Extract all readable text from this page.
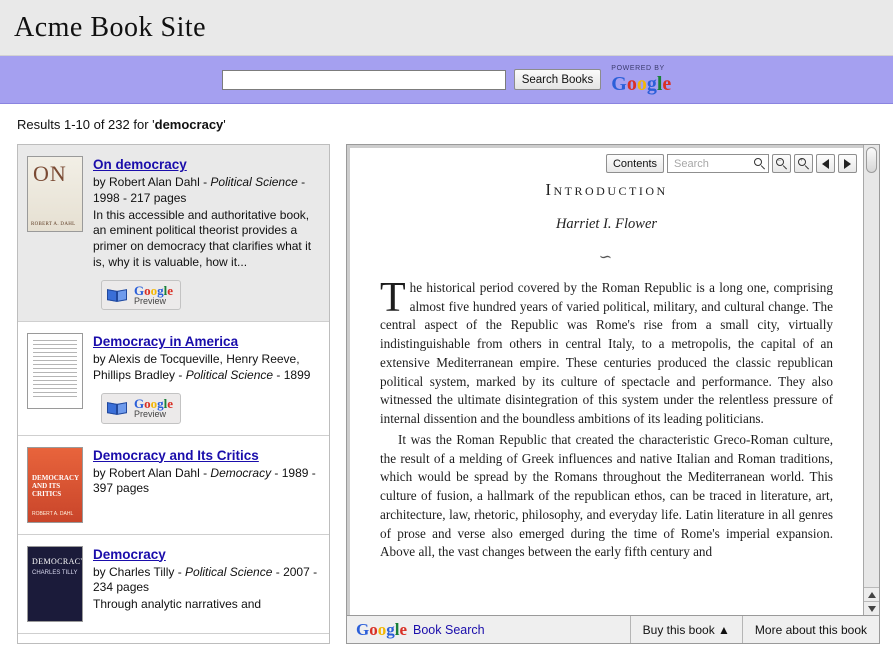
Acme Book Site
Search Books
POWERED BY
Google
Results 1-10 of 232 for 'democracy'
ON ROBERT A. DAHL
On democracy
by Robert Alan Dahl - Political Science - 1998 - 217 pages
In this accessible and authoritative book, an eminent political theorist provides a primer on democracy that clarifies what it is, why it is valuable, how it...
Google
Preview
Democracy in America
by Alexis de Tocqueville, Henry Reeve, Phillips Bradley - Political Science - 1899
Google
Preview
DEMOCRACY AND ITS CRITICS ROBERT A. DAHL
Democracy and Its Critics
by Robert Alan Dahl - Democracy - 1989 - 397 pages
DEMOCRACY CHARLES TILLY
Democracy
by Charles Tilly - Political Science - 2007 - 234 pages
Through analytic narratives and
Contents
Search	−	+
Introduction
Harriet I. Flower
∽

The historical period covered by the Roman Republic is a long one, comprising almost five hundred years of varied political, military, and cultural change. The central aspect of the Republic was Rome's rise from a small city, virtually indistinguishable from others in central Italy, to a metropolis, the capital of an extensive Mediterranean empire. These centuries produced the classic republican political system, marked by its culture of spectacle and performance. They also witnessed the ultimate disintegration of this system under the relentless pressure of internal dissention and the boundless ambitions of its leading politicians.

It was the Roman Republic that created the characteristic Greco-Roman culture, the result of a melding of Greek influences and native Italian and Roman traditions, which would be spread by the Romans throughout the Mediterranean world. This culture of fusion, a hallmark of the republican ethos, can be traced in literature, art, architecture, law, rhetoric, philosophy, and everyday life. Latin literature in all genres of prose and verse also emerged during the time of Rome's imperial expansion. Above all, the vast changes between the early fifth century and

Google Book Search	Buy this book ▲	More about this book
